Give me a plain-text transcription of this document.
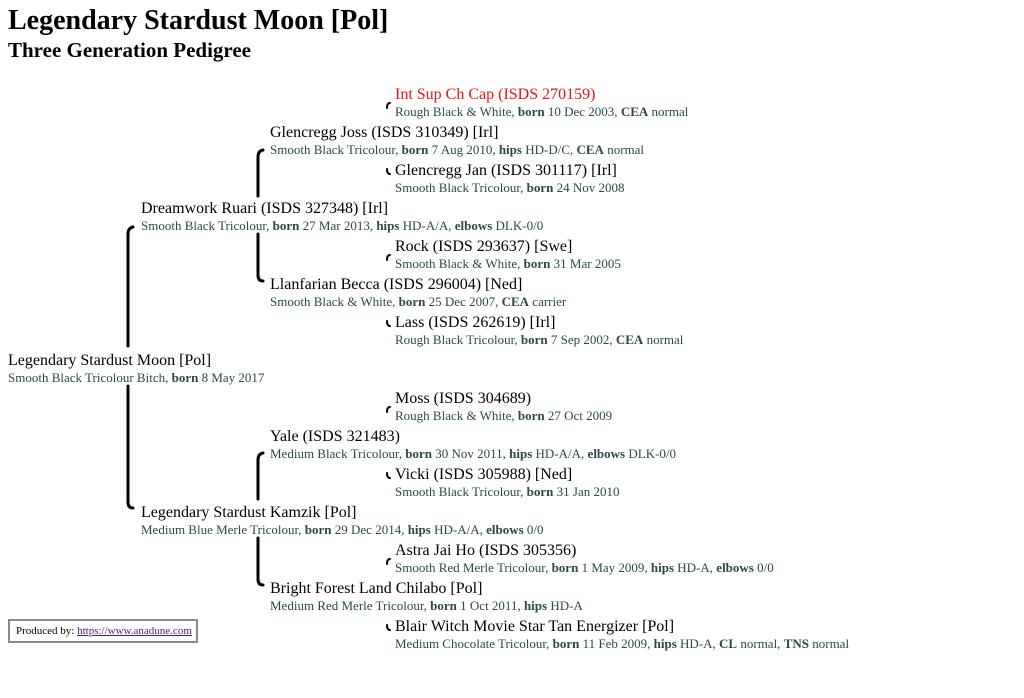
Legendary Stardust Moon [Pol]
Three Generation Pedigree
Legendary Stardust Moon [Pol]
Smooth Black Tricolour Bitch, born 8 May 2017
Dreamwork Ruari (ISDS 327348) [Irl]
Smooth Black Tricolour, born 27 Mar 2013, hips HD-A/A, elbows DLK-0/0
Legendary Stardust Kamzik [Pol]
Medium Blue Merle Tricolour, born 29 Dec 2014, hips HD-A/A, elbows 0/0
Glencregg Joss (ISDS 310349) [Irl]
Smooth Black Tricolour, born 7 Aug 2010, hips HD-D/C, CEA normal
Llanfarian Becca (ISDS 296004) [Ned]
Smooth Black & White, born 25 Dec 2007, CEA carrier
Yale (ISDS 321483)
Medium Black Tricolour, born 30 Nov 2011, hips HD-A/A, elbows DLK-0/0
Bright Forest Land Chilabo [Pol]
Medium Red Merle Tricolour, born 1 Oct 2011, hips HD-A
Int Sup Ch Cap (ISDS 270159)
Rough Black & White, born 10 Dec 2003, CEA normal
Glencregg Jan (ISDS 301117) [Irl]
Smooth Black Tricolour, born 24 Nov 2008
Rock (ISDS 293637) [Swe]
Smooth Black & White, born 31 Mar 2005
Lass (ISDS 262619) [Irl]
Rough Black Tricolour, born 7 Sep 2002, CEA normal
Moss (ISDS 304689)
Rough Black & White, born 27 Oct 2009
Vicki (ISDS 305988) [Ned]
Smooth Black Tricolour, born 31 Jan 2010
Astra Jai Ho (ISDS 305356)
Smooth Red Merle Tricolour, born 1 May 2009, hips HD-A, elbows 0/0
Blair Witch Movie Star Tan Energizer [Pol]
Medium Chocolate Tricolour, born 11 Feb 2009, hips HD-A, CL normal, TNS normal
Produced by: https://www.anadune.com
